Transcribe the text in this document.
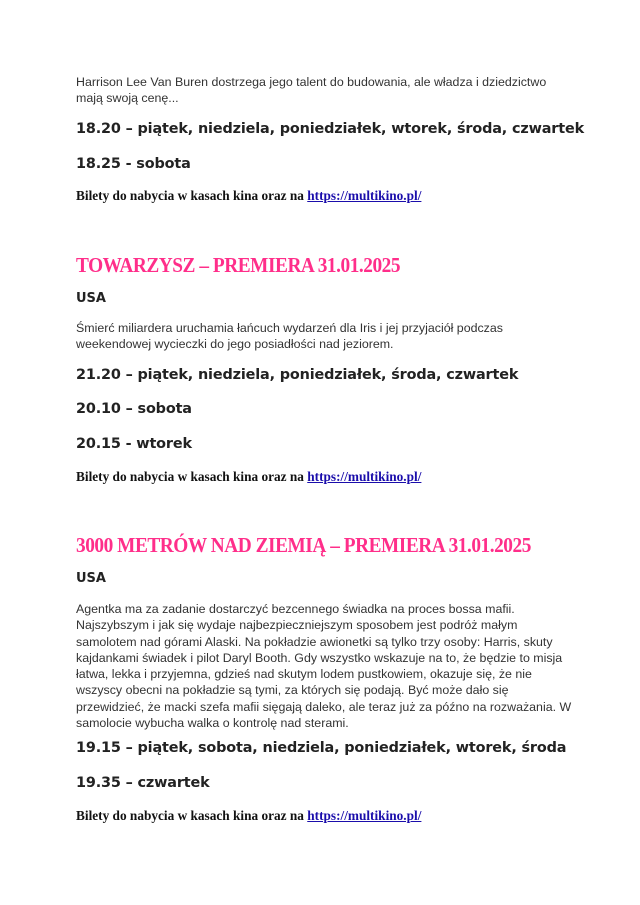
Harrison Lee Van Buren dostrzega jego talent do budowania, ale władza i dziedzictwo mają swoją cenę...

18.20 – piątek, niedziela, poniedziałek, wtorek, środa, czwartek
18.25 - sobota
Bilety do nabycia w kasach kina oraz na https://multikino.pl/
TOWARZYSZ – PREMIERA 31.01.2025
USA

Śmierć miliardera uruchamia łańcuch wydarzeń dla Iris i jej przyjaciół podczas weekendowej wycieczki do jego posiadłości nad jeziorem.

21.20 – piątek, niedziela, poniedziałek, środa, czwartek
20.10 – sobota
20.15 - wtorek
Bilety do nabycia w kasach kina oraz na https://multikino.pl/
3000 METRÓW NAD ZIEMIĄ – PREMIERA 31.01.2025
USA

Agentka ma za zadanie dostarczyć bezcennego świadka na proces bossa mafii. Najszybszym i jak się wydaje najbezpieczniejszym sposobem jest podróż małym samolotem nad górami Alaski. Na pokładzie awionetki są tylko trzy osoby: Harris, skuty kajdankami świadek i pilot Daryl Booth. Gdy wszystko wskazuje na to, że będzie to misja łatwa, lekka i przyjemna, gdzieś nad skutym lodem pustkowiem, okazuje się, że nie wszyscy obecni na pokładzie są tymi, za których się podają. Być może dało się przewidzieć, że macki szefa mafii sięgają daleko, ale teraz już za późno na rozważania. W samolocie wybucha walka o kontrolę nad sterami.

19.15 – piątek, sobota, niedziela, poniedziałek, wtorek, środa
19.35 – czwartek
Bilety do nabycia w kasach kina oraz na https://multikino.pl/
